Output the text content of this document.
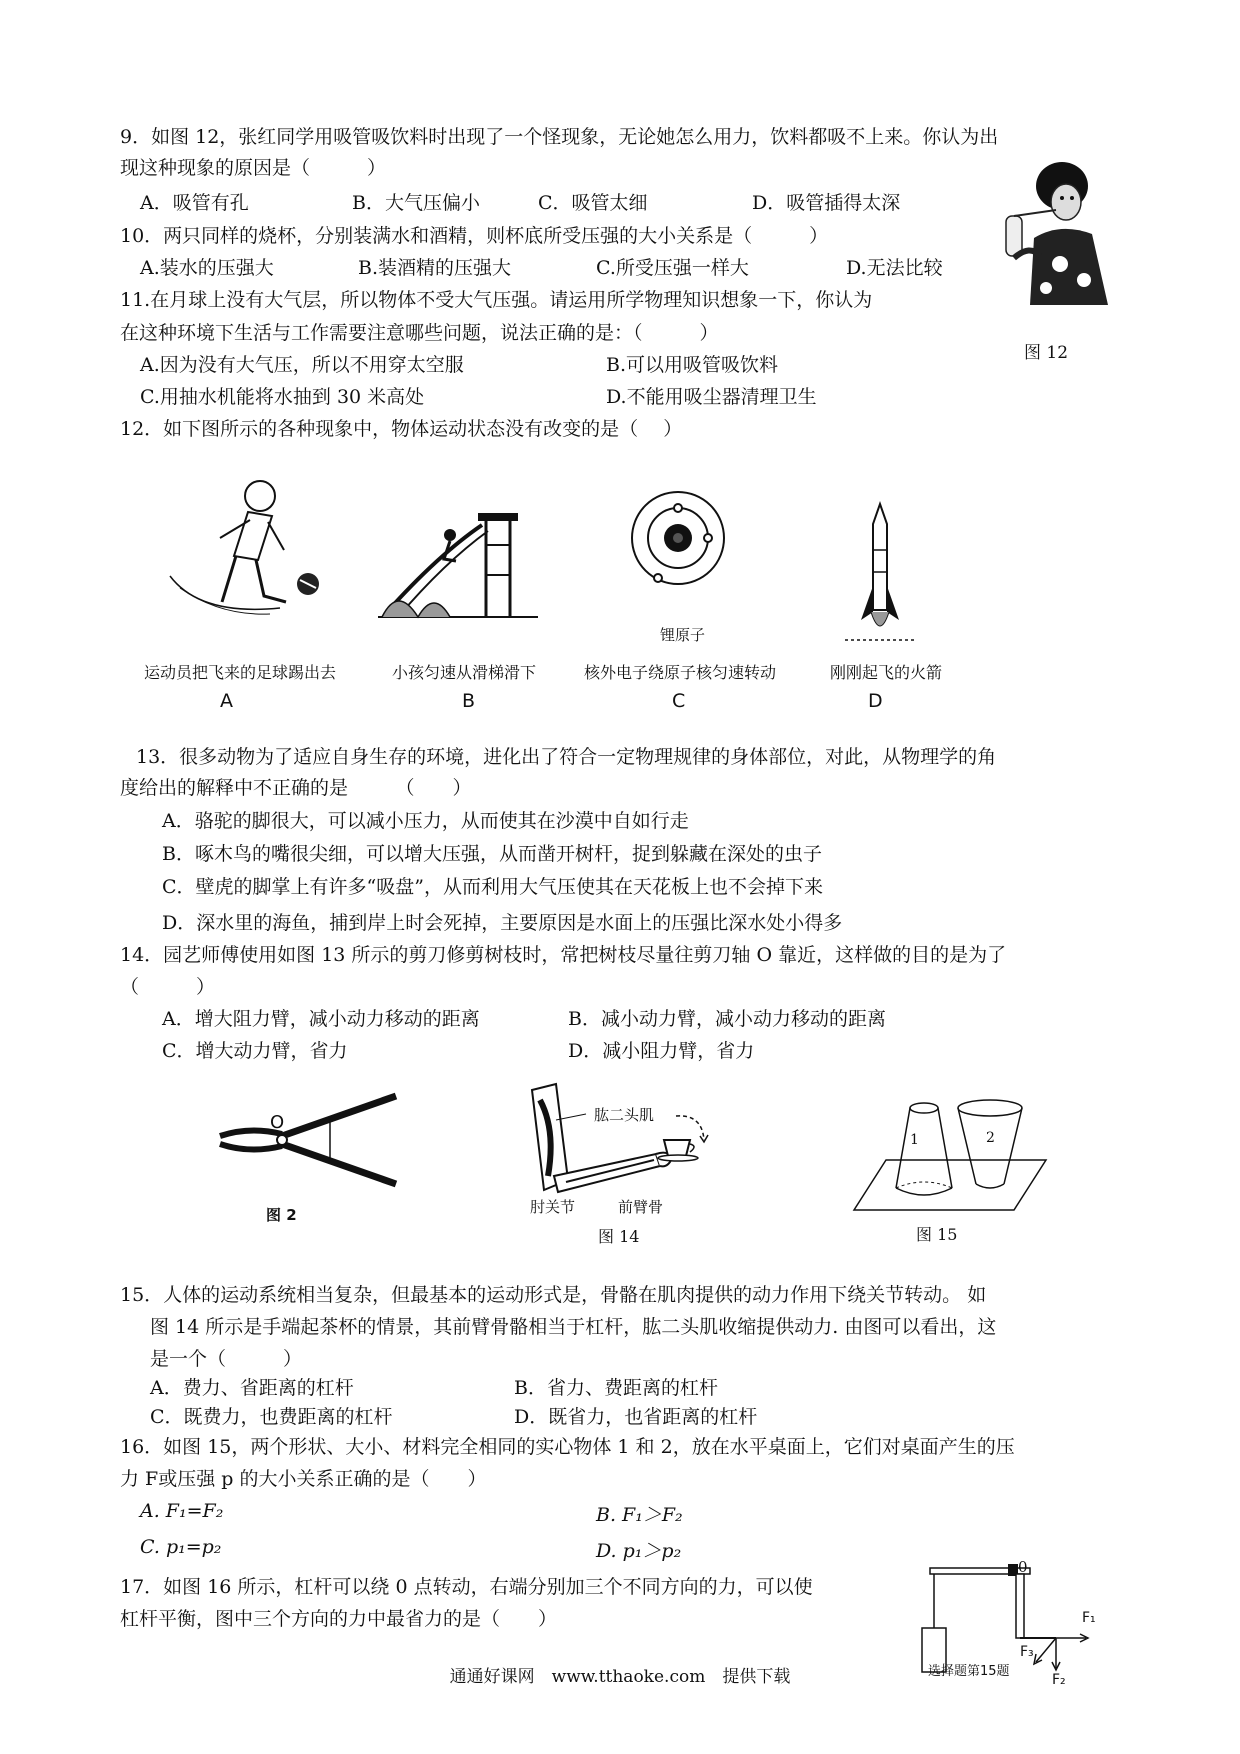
9．如图 12，张红同学用吸管吸饮料时出现了一个怪现象，无论她怎么用力，饮料都吸不上来。你认为出
现这种现象的原因是（　　　）
A．吸管有孔	B．大气压偏小	C．吸管太细	D．吸管插得太深
图 12
10．两只同样的烧杯，分别装满水和酒精，则杯底所受压强的大小关系是（　　　）
A.装水的压强大	B.装酒精的压强大	C.所受压强一样大	D.无法比较
11.在月球上没有大气层，所以物体不受大气压强。请运用所学物理知识想象一下，你认为
在这种环境下生活与工作需要注意哪些问题，说法正确的是：（　　　）
A.因为没有大气压，所以不用穿太空服	B.可以用吸管吸饮料
C.用抽水机能将水抽到 30 米高处	D.不能用吸尘器清理卫生
12．如下图所示的各种现象中，物体运动状态没有改变的是（　 ）
锂原子
运动员把飞来的足球踢出去	小孩匀速从滑梯滑下	核外电子绕原子核匀速转动	刚刚起飞的火箭
A	B	C	D
13．很多动物为了适应自身生存的环境，进化出了符合一定物理规律的身体部位，对此，从物理学的角
度给出的解释中不正确的是　　　（　　）
A．骆驼的脚很大，可以减小压力，从而使其在沙漠中自如行走
B．啄木鸟的嘴很尖细，可以增大压强，从而凿开树杆，捉到躲藏在深处的虫子
C．壁虎的脚掌上有许多“吸盘”，从而利用大气压使其在天花板上也不会掉下来
D．深水里的海鱼，捕到岸上时会死掉，主要原因是水面上的压强比深水处小得多
14．园艺师傅使用如图 13 所示的剪刀修剪树枝时，常把树枝尽量往剪刀轴 O 靠近，这样做的目的是为了
（　　　）
A．增大阻力臂，减小动力移动的距离	B．减小动力臂，减小动力移动的距离
C．增大动力臂，省力	D．减小阻力臂，省力
O
图 2
肱二头肌
肘关节	前臂骨
图 14
1	2
图 15
15．人体的运动系统相当复杂，但最基本的运动形式是，骨骼在肌肉提供的动力作用下绕关节转动。 如
图 14 所示是手端起茶杯的情景，其前臂骨骼相当于杠杆，肱二头肌收缩提供动力. 由图可以看出，这
是一个（　　　）
A．费力、省距离的杠杆	B．省力、费距离的杠杆
C．既费力，也费距离的杠杆	D．既省力，也省距离的杠杆
16．如图 15，两个形状、大小、材料完全相同的实心物体 1 和 2，放在水平桌面上，它们对桌面产生的压
力 F或压强 p 的大小关系正确的是（　　）
A. F₁=F₂	B. F₁＞F₂
C. p₁=p₂	D. p₁＞p₂
17．如图 16 所示，杠杆可以绕 0 点转动，右端分别加三个不同方向的力，可以使
杠杆平衡，图中三个方向的力中最省力的是（　　）
0
F₁
F₃
F₂
选择题第15题
通通好课网　www.tthaoke.com　提供下载
